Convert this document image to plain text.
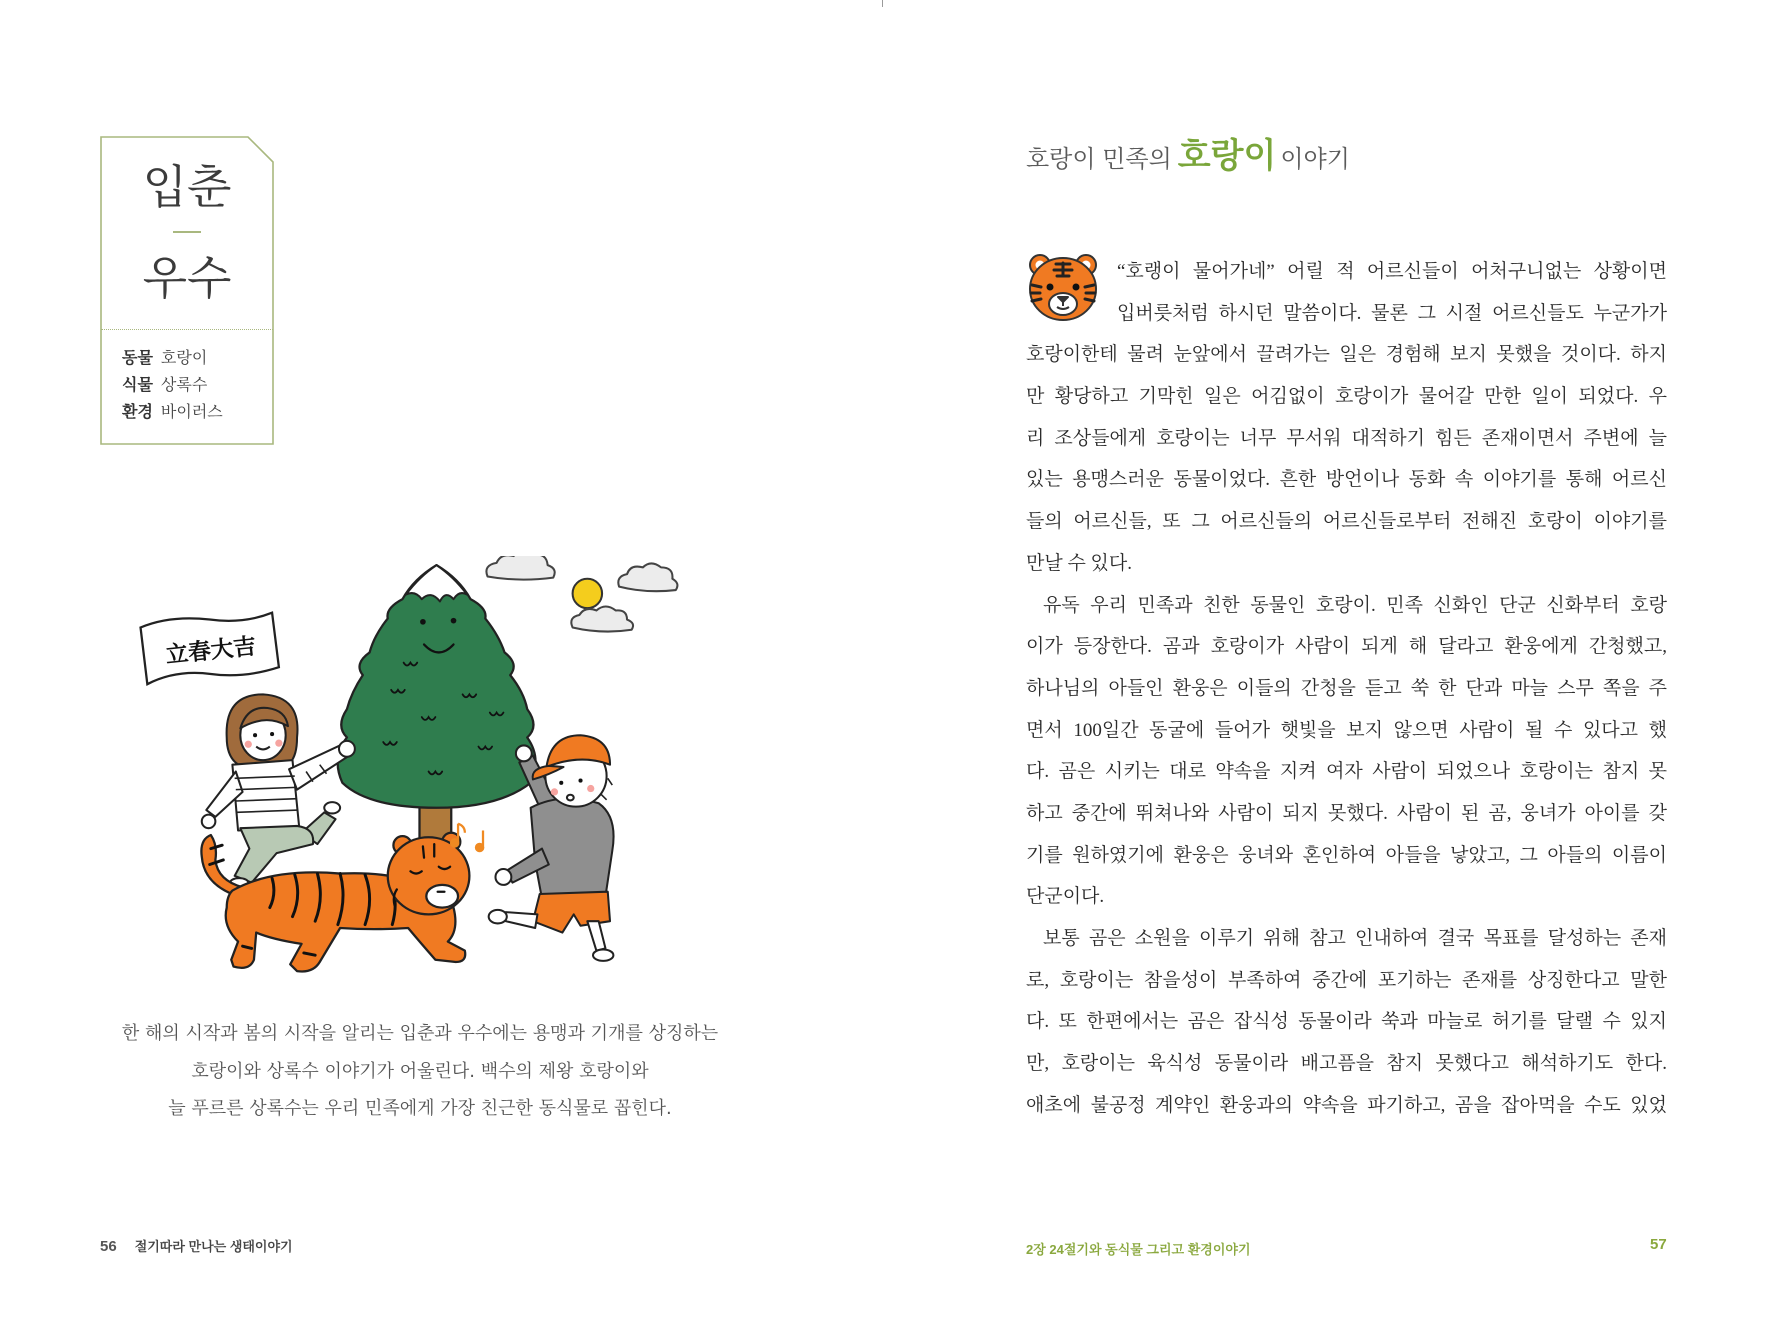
입춘
우수
동물 호랑이
식물 상록수
환경 바이러스
立春大吉
한 해의 시작과 봄의 시작을 알리는 입춘과 우수에는 용맹과 기개를 상징하는
호랑이와 상록수 이야기가 어울린다. 백수의 제왕 호랑이와
늘 푸르른 상록수는 우리 민족에게 가장 친근한 동식물로 꼽힌다.
56 절기따라 만나는 생태이야기
호랑이 민족의 호랑이 이야기
“호랭이 물어가네” 어릴 적 어르신들이 어처구니없는 상황이면
입버릇처럼 하시던 말씀이다. 물론 그 시절 어르신들도 누군가가
호랑이한테 물려 눈앞에서 끌려가는 일은 경험해 보지 못했을 것이다. 하지
만 황당하고 기막힌 일은 어김없이 호랑이가 물어갈 만한 일이 되었다. 우
리 조상들에게 호랑이는 너무 무서워 대적하기 힘든 존재이면서 주변에 늘
있는 용맹스러운 동물이었다. 흔한 방언이나 동화 속 이야기를 통해 어르신
들의 어르신들, 또 그 어르신들의 어르신들로부터 전해진 호랑이 이야기를
만날 수 있다.
유독 우리 민족과 친한 동물인 호랑이. 민족 신화인 단군 신화부터 호랑
이가 등장한다. 곰과 호랑이가 사람이 되게 해 달라고 환웅에게 간청했고,
하나님의 아들인 환웅은 이들의 간청을 듣고 쑥 한 단과 마늘 스무 쪽을 주
면서 100일간 동굴에 들어가 햇빛을 보지 않으면 사람이 될 수 있다고 했
다. 곰은 시키는 대로 약속을 지켜 여자 사람이 되었으나 호랑이는 참지 못
하고 중간에 뛰쳐나와 사람이 되지 못했다. 사람이 된 곰, 웅녀가 아이를 갖
기를 원하였기에 환웅은 웅녀와 혼인하여 아들을 낳았고, 그 아들의 이름이
단군이다.
보통 곰은 소원을 이루기 위해 참고 인내하여 결국 목표를 달성하는 존재
로, 호랑이는 참을성이 부족하여 중간에 포기하는 존재를 상징한다고 말한
다. 또 한편에서는 곰은 잡식성 동물이라 쑥과 마늘로 허기를 달랠 수 있지
만, 호랑이는 육식성 동물이라 배고픔을 참지 못했다고 해석하기도 한다.
애초에 불공정 계약인 환웅과의 약속을 파기하고, 곰을 잡아먹을 수도 있었
2장 24절기와 동식물 그리고 환경이야기	57
